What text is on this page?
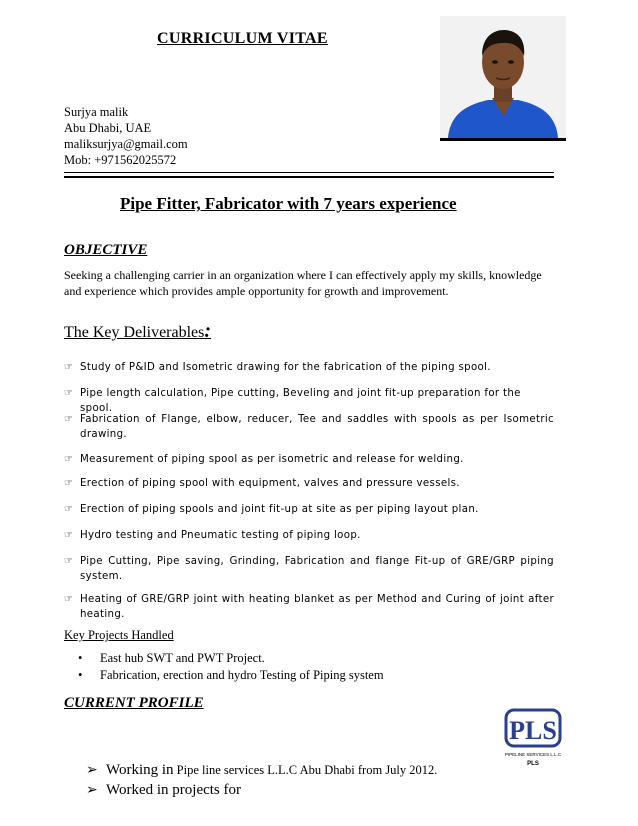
CURRICULUM VITAE
Surjya malik
Abu Dhabi, UAE
maliksurjya@gmail.com
Mob: +971562025572
Pipe Fitter, Fabricator with 7 years experience
OBJECTIVE
Seeking a challenging carrier in an organization where I can effectively apply my skills, knowledge and experience which provides ample opportunity for growth and improvement.
The Key Deliverables:
☞ Study of P&ID and Isometric drawing for the fabrication of the piping spool.
☞ Pipe length calculation, Pipe cutting, Beveling and joint fit-up preparation for the spool.
☞ Fabrication of Flange, elbow, reducer, Tee and saddles with spools as per Isometric drawing.
☞ Measurement of piping spool as per isometric and release for welding.
☞ Erection of piping spool with equipment, valves and pressure vessels.
☞ Erection of piping spools and joint fit-up at site as per piping layout plan.
☞ Hydro testing and Pneumatic testing of piping loop.
☞ Pipe Cutting, Pipe saving, Grinding, Fabrication and flange Fit-up of GRE/GRP piping system.
☞ Heating of GRE/GRP joint with heating blanket as per Method and Curing of joint after heating.
Key Projects Handled
• East hub SWT and PWT Project.
• Fabrication, erection and hydro Testing of Piping system
CURRENT PROFILE
PLS
PIPELINE SERVICES L.L.C
PLS
➢ Working in Pipe line services L.L.C Abu Dhabi from July 2012.
➢ Worked in projects for
